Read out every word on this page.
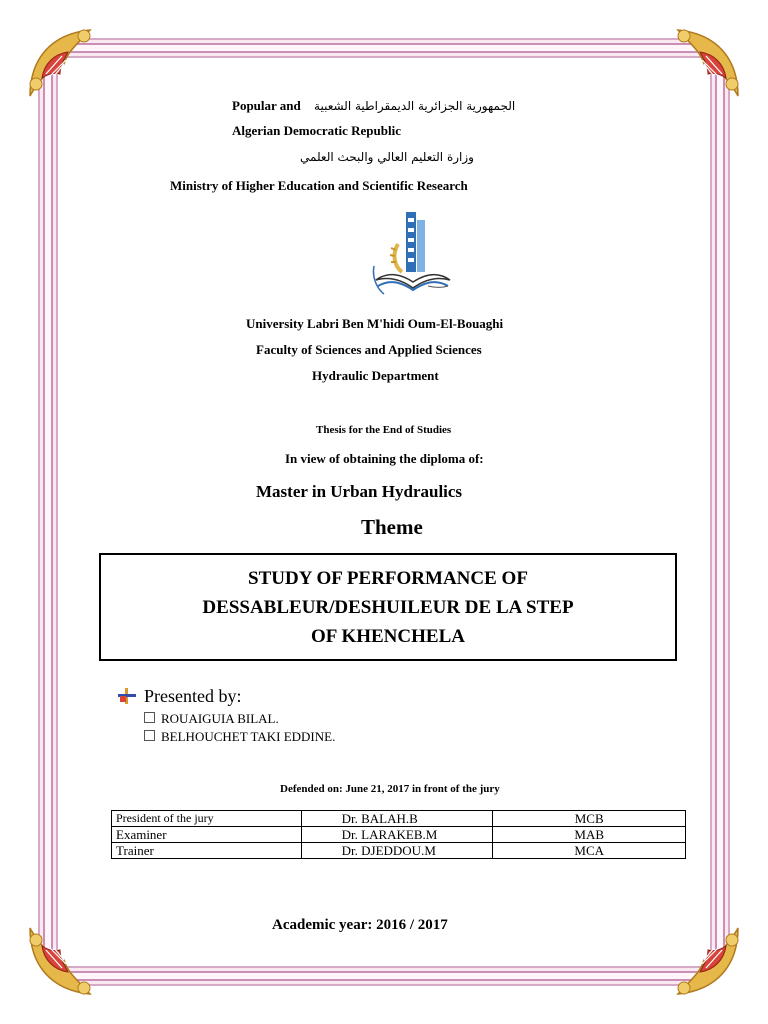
Popular and الجمهورية الجزائرية الديمقراطية الشعبية
Algerian Democratic Republic
وزارة التعليم العالي والبحث العلمي
Ministry of Higher Education and Scientific Research
University Labri Ben M'hidi Oum-El-Bouaghi
Faculty of Sciences and Applied Sciences
Hydraulic Department
Thesis for the End of Studies
In view of obtaining the diploma of:
Master in Urban Hydraulics
Theme
STUDY OF PERFORMANCE OF
DESSABLEUR/DESHUILEUR DE LA STEP
OF KHENCHELA
Presented by:
ROUAIGUIA BILAL.
BELHOUCHET TAKI EDDINE.
Defended on: June 21, 2017 in front of the jury
President of the jury	Dr. BALAH.B	MCB
Examiner	Dr. LARAKEB.M	MAB
Trainer	Dr. DJEDDOU.M	MCA
Academic year: 2016 / 2017
